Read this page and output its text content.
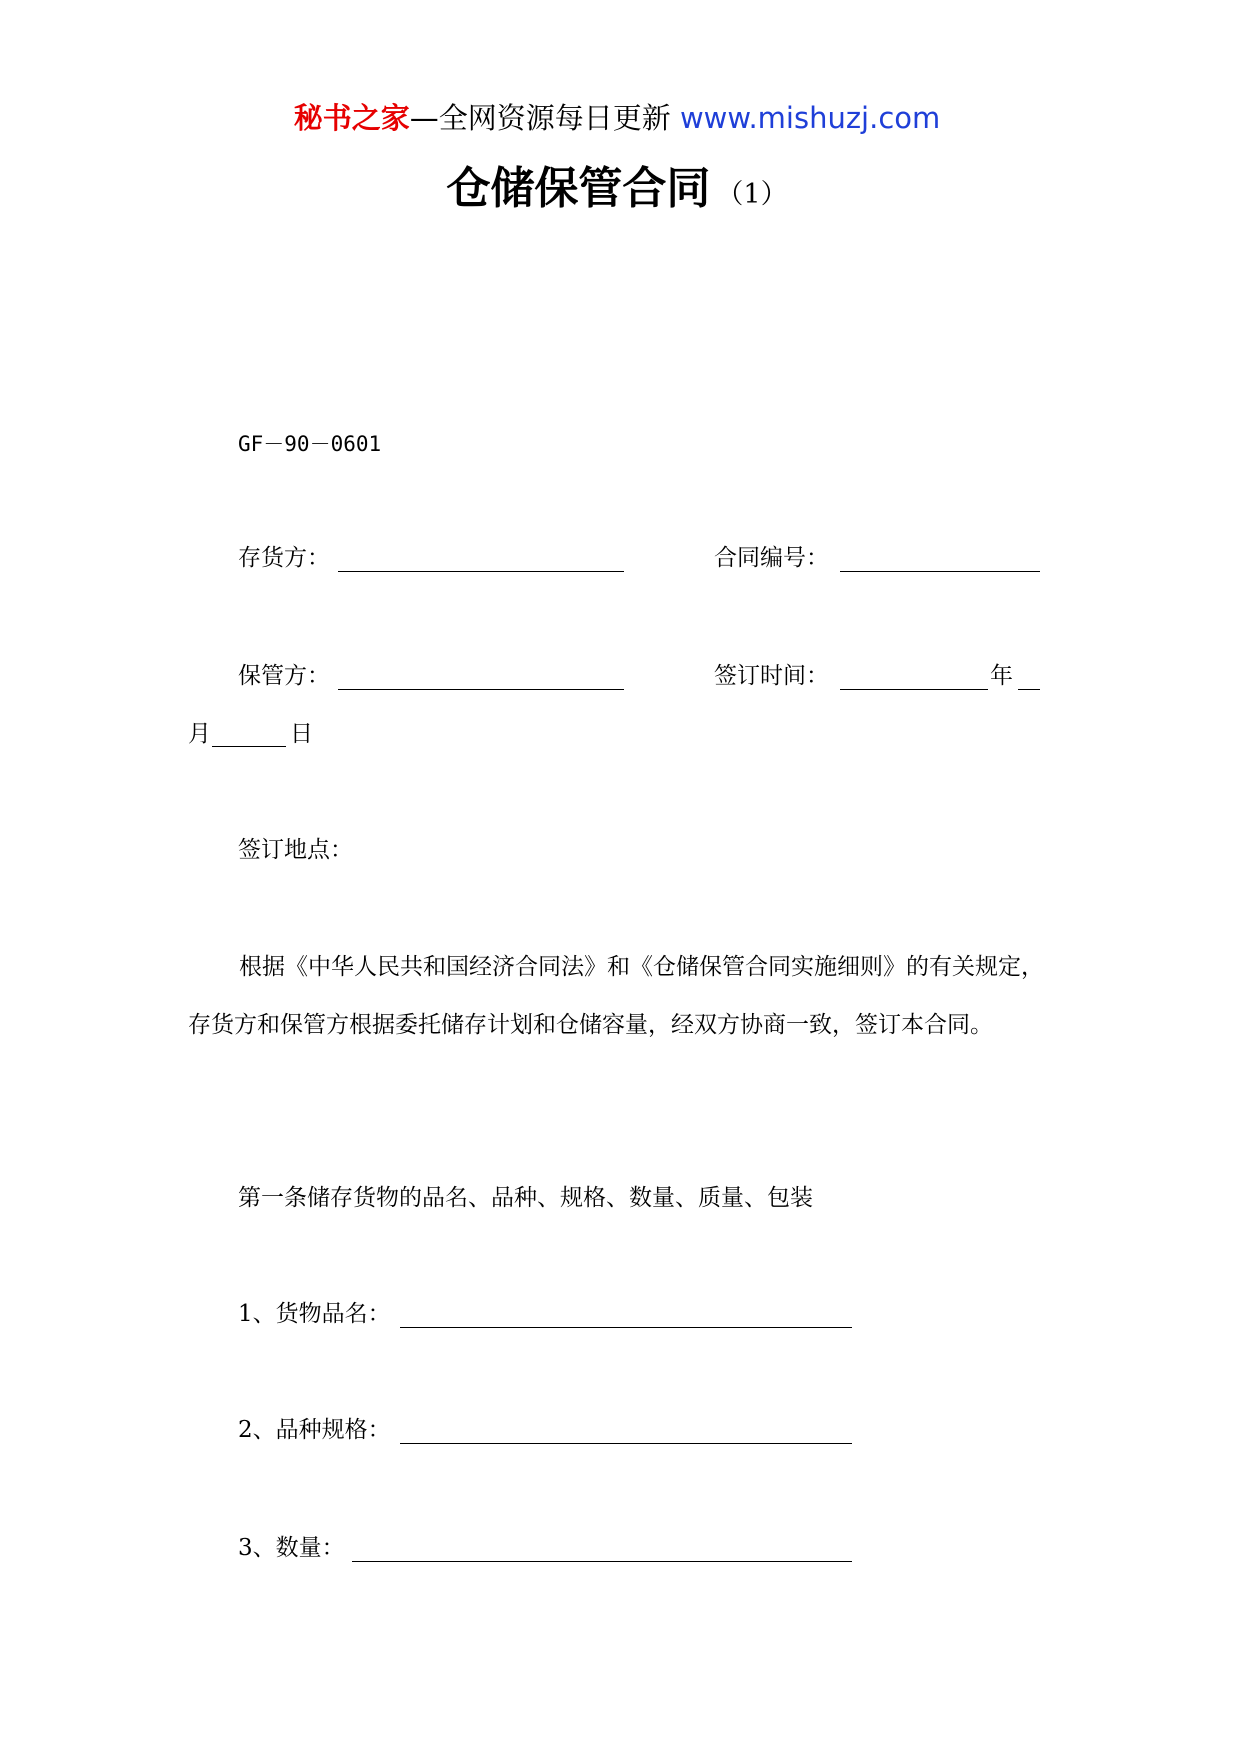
秘书之家—全网资源每日更新 www.mishuzj.com
仓储保管合同 （1）
GF－90－0601
存货方：	合同编号：
保管方：	签订时间：	年
月	日
签订地点：
根据《中华人民共和国经济合同法》和《仓储保管合同实施细则》的有关规定，存货方和保管方根据委托储存计划和仓储容量，经双方协商一致，签订本合同。
第一条储存货物的品名、品种、规格、数量、质量、包装
1、货物品名：
2、品种规格：
3、数量：
